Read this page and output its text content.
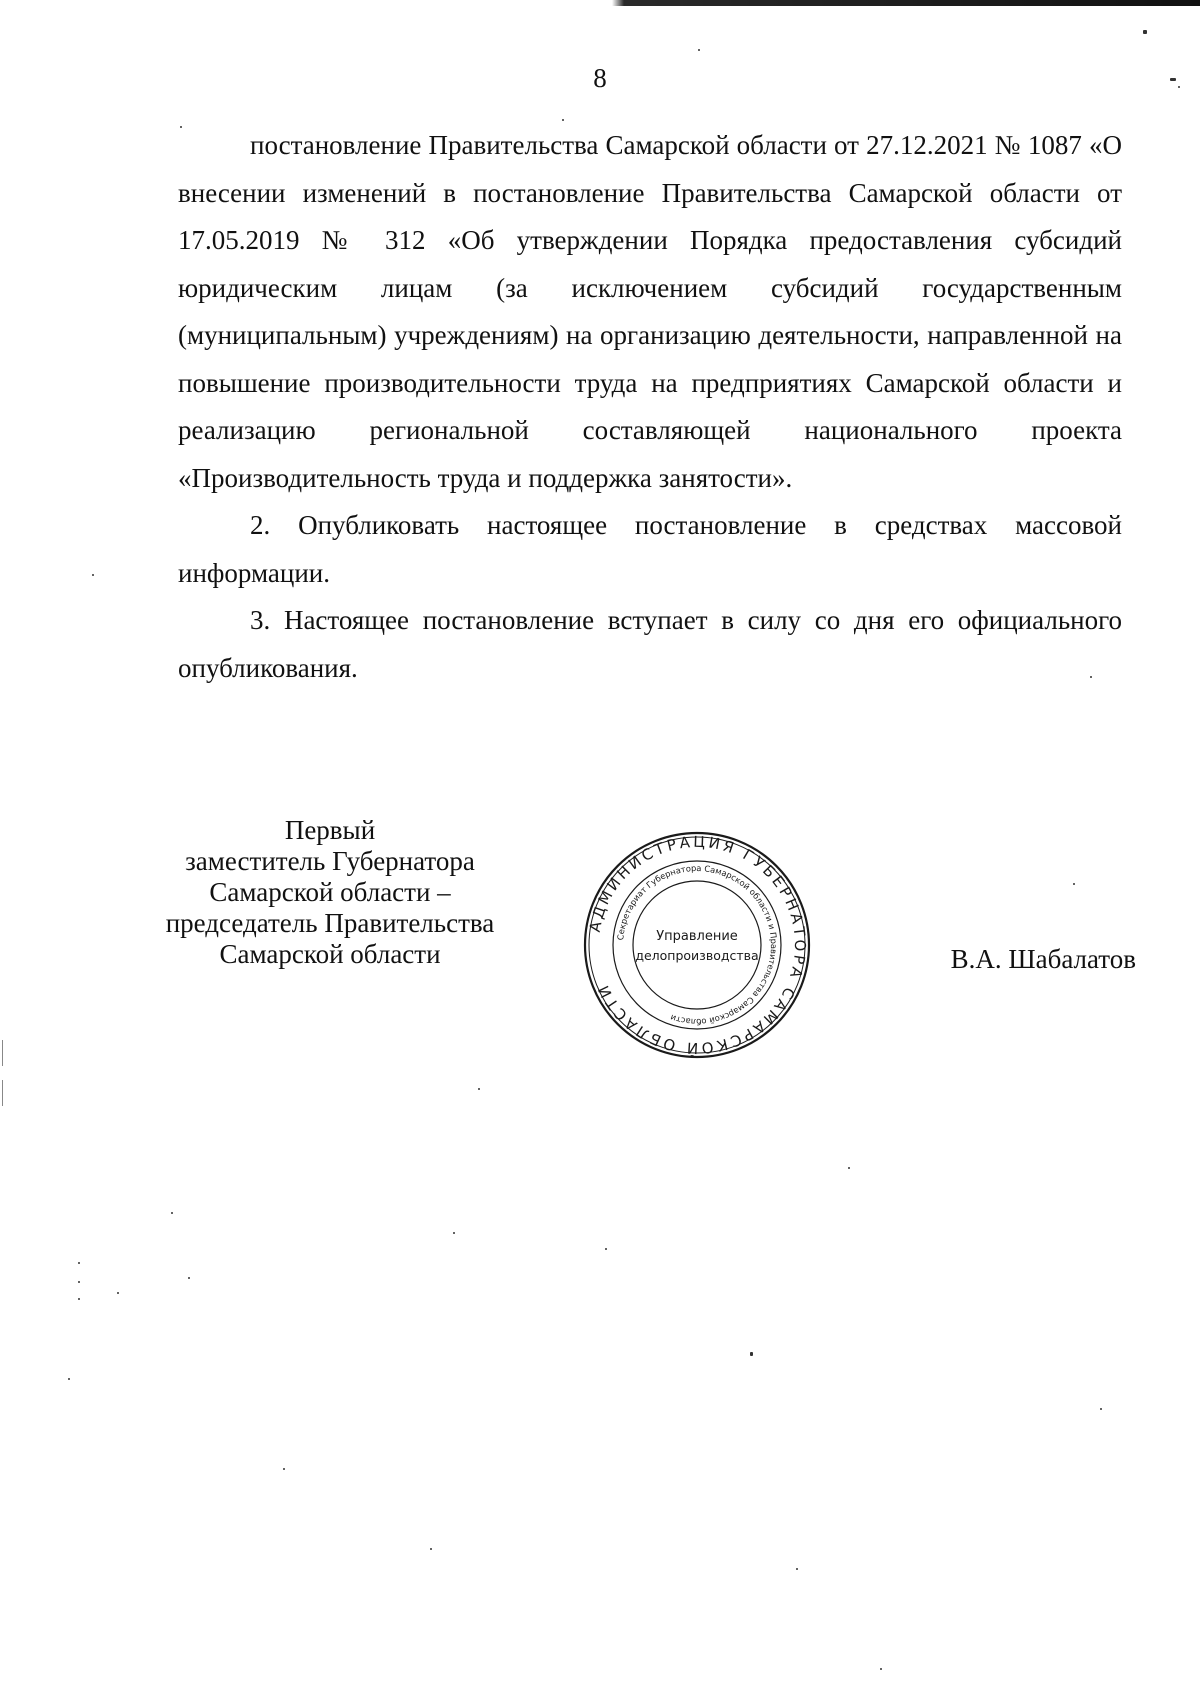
8

постановление Правительства Самарской области от 27.12.2021 № 1087 «О внесении изменений в постановление Правительства Самарской области от 17.05.2019 № 312 «Об утверждении Порядка предоставления субсидий юридическим лицам (за исключением субсидий государственным (муниципальным) учреждениям) на организацию деятельности, направленной на повышение производительности труда на предприятиях Самарской области и реализацию региональной составляющей национального проекта «Производительность труда и поддержка занятости».

2. Опубликовать настоящее постановление в средствах массовой информации.

3. Настоящее постановление вступает в силу со дня его официального опубликования.

Первый
заместитель Губернатора
Самарской области –
председатель Правительства
Самарской области	В.А. Шабалатов
АДМИНИСТРАЦИЯ ГУБЕРНАТОРА САМАРСКОЙ ОБЛАСТИ
Секретариат Губернатора Самарской области и Правительства Самарской области
Управление
делопроизводства
